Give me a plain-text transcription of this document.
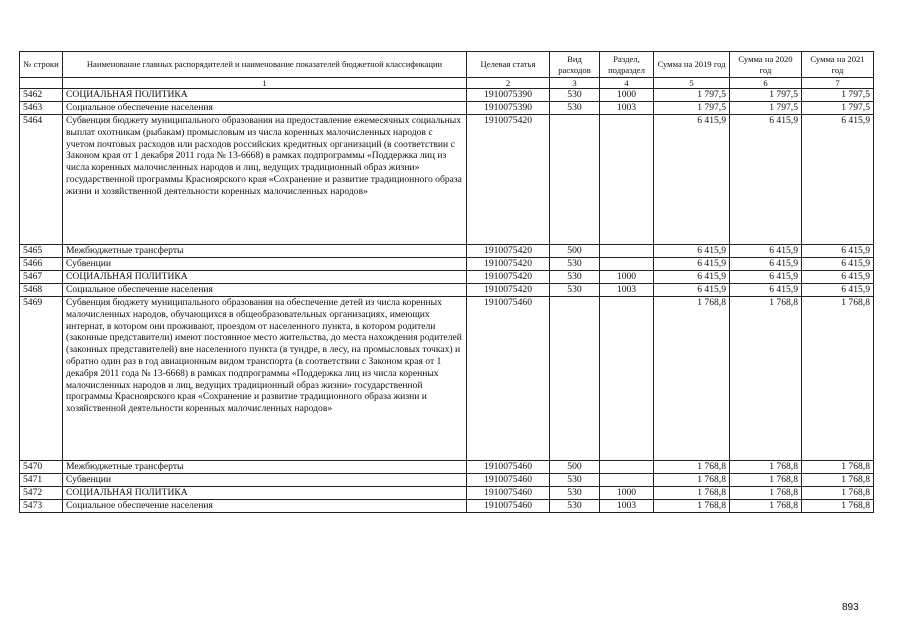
№ строки	Наименование главных распорядителей и наименование показателей бюджетной классификации	Целевая статья	Вид расходов	Раздел, подраздел	Сумма на 2019 год	Сумма на 2020 год	Сумма на 2021 год
	1	2	3	4	5	6	7
5462	СОЦИАЛЬНАЯ ПОЛИТИКА	1910075390	530	1000	1 797,5	1 797,5	1 797,5
5463	Социальное обеспечение населения	1910075390	530	1003	1 797,5	1 797,5	1 797,5
5464	Субвенция бюджету муниципального образования на предоставление ежемесячных социальных выплат охотникам (рыбакам) промысловым из числа коренных малочисленных народов с учетом почтовых расходов или расходов российских кредитных организаций (в соответствии с Законом края от 1 декабря 2011 года № 13-6668) в рамках подпрограммы «Поддержка лиц из числа коренных малочисленных народов и лиц, ведущих традиционный образ жизни» государственной программы Красноярского края «Сохранение и развитие традиционного образа жизни и хозяйственной деятельности коренных малочисленных народов»	1910075420			6 415,9	6 415,9	6 415,9
5465	Межбюджетные трансферты	1910075420	500		6 415,9	6 415,9	6 415,9
5466	Субвенции	1910075420	530		6 415,9	6 415,9	6 415,9
5467	СОЦИАЛЬНАЯ ПОЛИТИКА	1910075420	530	1000	6 415,9	6 415,9	6 415,9
5468	Социальное обеспечение населения	1910075420	530	1003	6 415,9	6 415,9	6 415,9
5469	Субвенция бюджету муниципального образования на обеспечение детей из числа коренных малочисленных народов, обучающихся в общеобразовательных организациях, имеющих интернат, в котором они проживают, проездом от населенного пункта, в котором родители (законные представители) имеют постоянное место жительства, до места нахождения родителей (законных представителей) вне населенного пункта (в тундре, в лесу, на промысловых точках) и обратно один раз в год авиационным видом транспорта (в соответствии с Законом края от 1 декабря 2011 года № 13-6668) в рамках подпрограммы «Поддержка лиц из числа коренных малочисленных народов и лиц, ведущих традиционный образ жизни» государственной программы Красноярского края «Сохранение и развитие традиционного образа жизни и хозяйственной деятельности коренных малочисленных народов»	1910075460			1 768,8	1 768,8	1 768,8
5470	Межбюджетные трансферты	1910075460	500		1 768,8	1 768,8	1 768,8
5471	Субвенции	1910075460	530		1 768,8	1 768,8	1 768,8
5472	СОЦИАЛЬНАЯ ПОЛИТИКА	1910075460	530	1000	1 768,8	1 768,8	1 768,8
5473	Социальное обеспечение населения	1910075460	530	1003	1 768,8	1 768,8	1 768,8
893
